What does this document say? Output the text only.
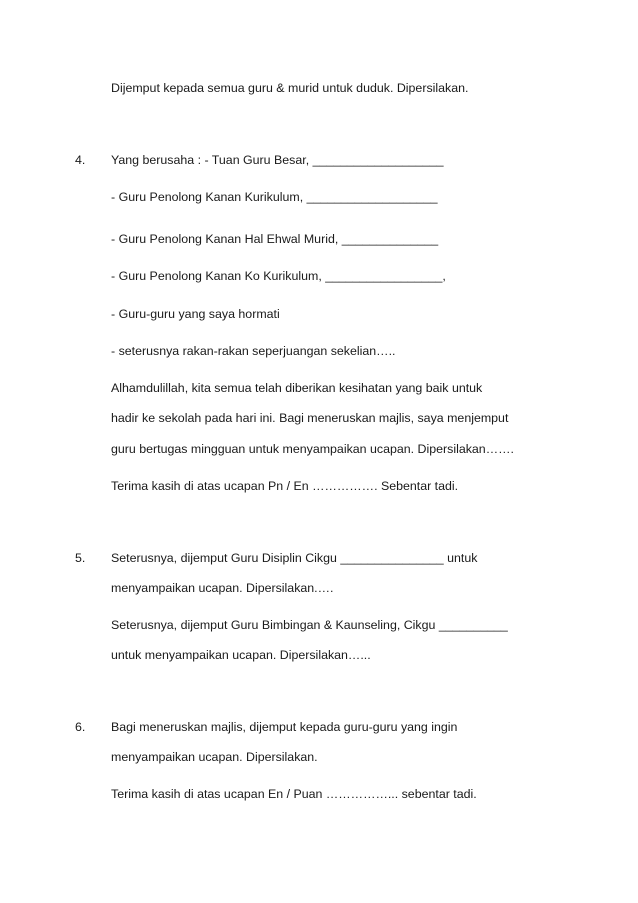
Dijemput kepada semua guru & murid untuk duduk. Dipersilakan.
4. Yang berusaha : - Tuan Guru Besar, ___________________
- Guru Penolong Kanan Kurikulum, ___________________
- Guru Penolong Kanan Hal Ehwal Murid, ______________
- Guru Penolong Kanan Ko Kurikulum, _________________,
- Guru-guru yang saya hormati
- seterusnya rakan-rakan seperjuangan sekelian…..
Alhamdulillah, kita semua telah diberikan kesihatan yang baik untuk
hadir ke sekolah pada hari ini. Bagi meneruskan majlis, saya menjemput
guru bertugas mingguan untuk menyampaikan ucapan. Dipersilakan…….
Terima kasih di atas ucapan Pn / En ……………. Sebentar tadi.
5. Seterusnya, dijemput Guru Disiplin Cikgu _______________ untuk
menyampaikan ucapan. Dipersilakan.….
Seterusnya, dijemput Guru Bimbingan & Kaunseling, Cikgu __________
untuk menyampaikan ucapan. Dipersilakan…...
6. Bagi meneruskan majlis, dijemput kepada guru-guru yang ingin
menyampaikan ucapan. Dipersilakan.
Terima kasih di atas ucapan En / Puan ……………... sebentar tadi.
